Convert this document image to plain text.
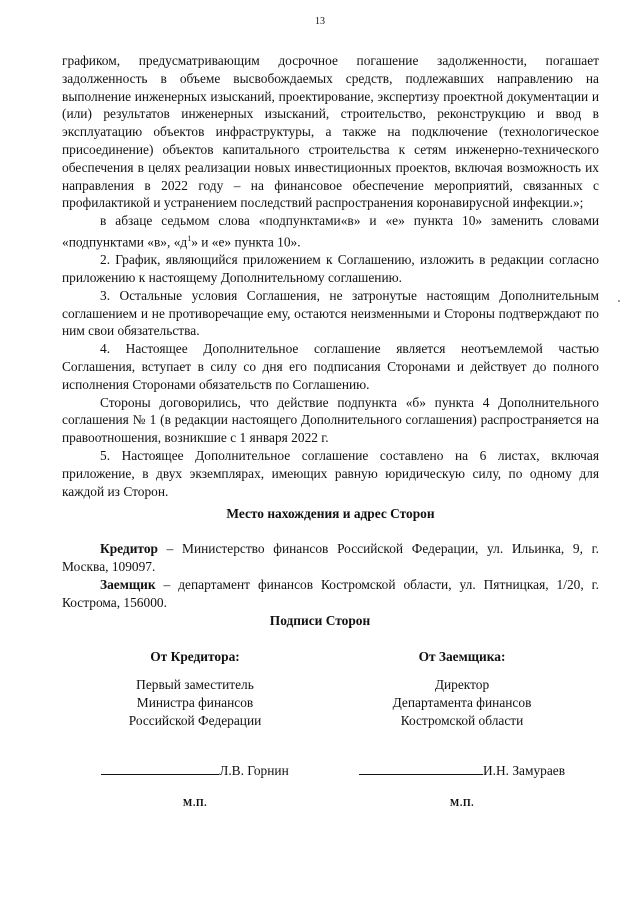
13

графиком, предусматривающим досрочное погашение задолженности, погашает задолженность в объеме высвобождаемых средств, подлежавших направлению на выполнение инженерных изысканий, проектирование, экспертизу проектной документации и (или) результатов инженерных изысканий, строительство, реконструкцию и ввод в эксплуатацию объектов инфраструктуры, а также на подключение (технологическое присоединение) объектов капитального строительства к сетям инженерно-технического обеспечения в целях реализации новых инвестиционных проектов, включая возможность их направления в 2022 году – на финансовое обеспечение мероприятий, связанных с профилактикой и устранением последствий распространения коронавирусной инфекции.»;

в абзаце седьмом слова «подпунктами«в» и «е» пункта 10» заменить словами «подпунктами «в», «$д^1$» и «е» пункта 10».

2. График, являющийся приложением к Соглашению, изложить в редакции согласно приложению к настоящему Дополнительному соглашению.

3. Остальные условия Соглашения, не затронутые настоящим Дополнительным соглашением и не противоречащие ему, остаются неизменными и Стороны подтверждают по ним свои обязательства.

4. Настоящее Дополнительное соглашение является неотъемлемой частью Соглашения, вступает в силу со дня его подписания Сторонами и действует до полного исполнения Сторонами обязательств по Соглашению.

Стороны договорились, что действие подпункта «б» пункта 4 Дополнительного соглашения № 1 (в редакции настоящего Дополнительного соглашения) распространяется на правоотношения, возникшие с 1 января 2022 г.

5. Настоящее Дополнительное соглашение составлено на 6 листах, включая приложение, в двух экземплярах, имеющих равную юридическую силу, по одному для каждой из Сторон.

Место нахождения и адрес Сторон

Кредитор – Министерство финансов Российской Федерации, ул. Ильинка, 9, г. Москва, 109097.

Заемщик – департамент финансов Костромской области, ул. Пятницкая, 1/20, г. Кострома, 156000.

Подписи Сторон
От Кредитора:
Первый заместитель
Министра финансов
Российской Федерации
Л.В. Горнин
М.П.
От Заемщика:
Директор
Департамента финансов
Костромской области
И.Н. Замураев
М.П.
